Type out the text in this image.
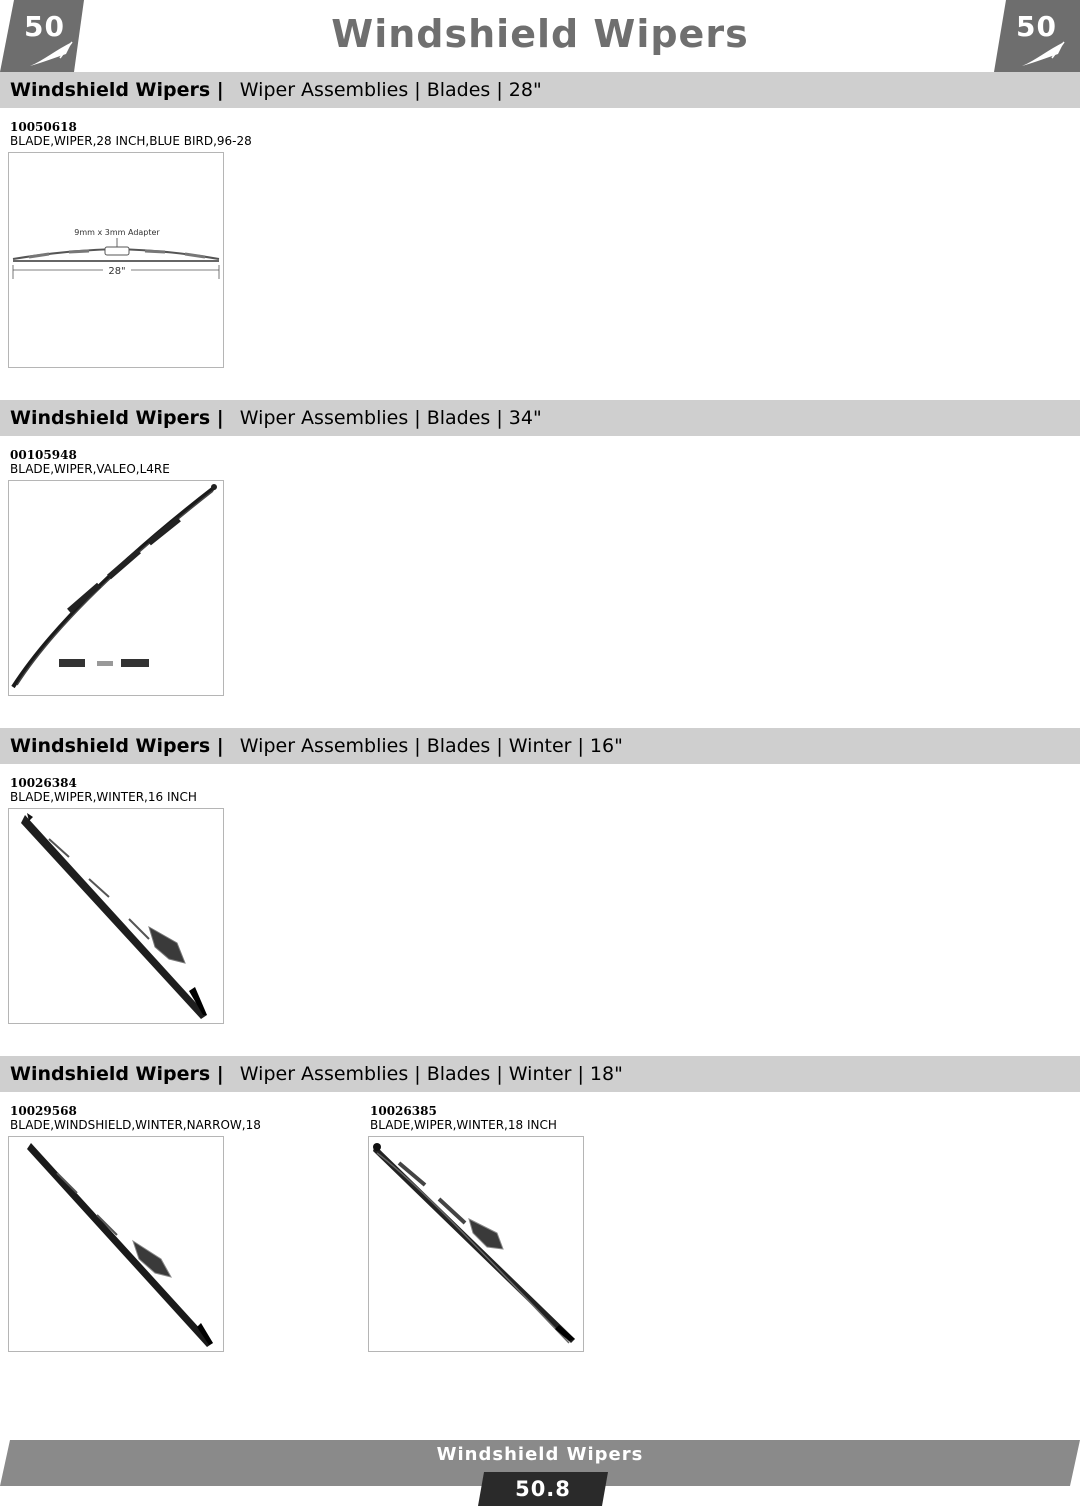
50	Windshield Wipers	50
Windshield Wipers | Wiper Assemblies | Blades | 28"
10050618
BLADE,WIPER,28 INCH,BLUE BIRD,96-28
9mm x 3mm Adapter
28"
Windshield Wipers | Wiper Assemblies | Blades | 34"
00105948
BLADE,WIPER,VALEO,L4RE
Windshield Wipers | Wiper Assemblies | Blades | Winter | 16"
10026384
BLADE,WIPER,WINTER,16 INCH
Windshield Wipers | Wiper Assemblies | Blades | Winter | 18"
10029568
BLADE,WINDSHIELD,WINTER,NARROW,18
10026385
BLADE,WIPER,WINTER,18 INCH
Windshield Wipers
50.8
